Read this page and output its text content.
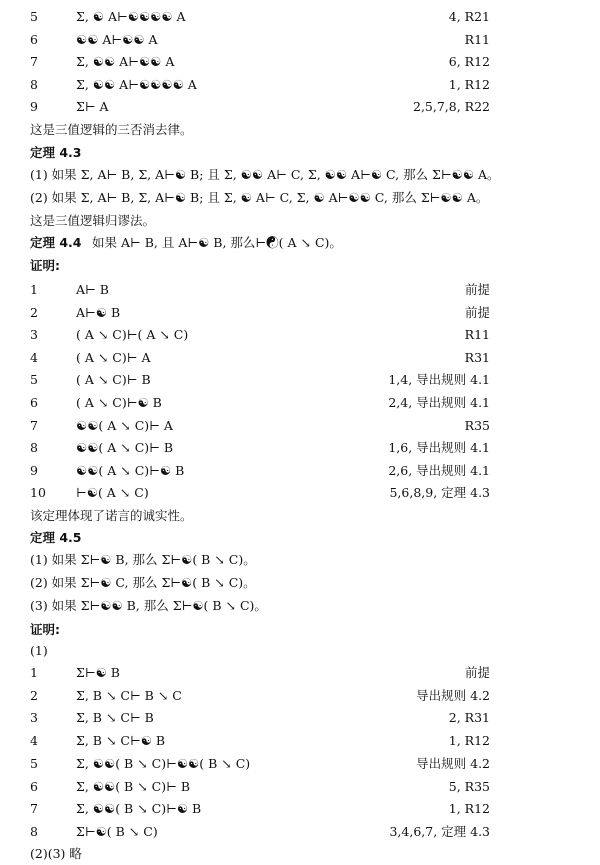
5	Σ, ☯ A⊢☯☯☯☯ A	4, R21
6	☯☯ A⊢☯☯ A	R11
7	Σ, ☯☯ A⊢☯☯ A	6, R12
8	Σ, ☯☯ A⊢☯☯☯☯ A	1, R12
9	Σ⊢ A	2,5,7,8, R22
这是三值逻辑的三否消去律。
定理 4.3
(1) 如果 Σ, A⊢ B, Σ, A⊢☯ B; 且 Σ, ☯☯ A⊢ C, Σ, ☯☯ A⊢☯ C, 那么 Σ⊢☯☯ A。
(2) 如果 Σ, A⊢ B, Σ, A⊢☯ B; 且 Σ, ☯ A⊢ C, Σ, ☯ A⊢☯☯ C, 那么 Σ⊢☯☯ A。
这是三值逻辑归谬法。
定理 4.4 如果 A⊢ B, 且 A⊢☯ B, 那么⊢☯( A ↘ C)。
证明:
1	A⊢ B	前提
2	A⊢☯ B	前提
3	( A ↘ C)⊢( A ↘ C)	R11
4	( A ↘ C)⊢ A	R31
5	( A ↘ C)⊢ B	1,4, 导出规则 4.1
6	( A ↘ C)⊢☯ B	2,4, 导出规则 4.1
7	☯☯( A ↘ C)⊢ A	R35
8	☯☯( A ↘ C)⊢ B	1,6, 导出规则 4.1
9	☯☯( A ↘ C)⊢☯ B	2,6, 导出规则 4.1
10 ⊢☯( A ↘ C)	5,6,8,9, 定理 4.3
该定理体现了诺言的诚实性。
定理 4.5
(1) 如果 Σ⊢☯ B, 那么 Σ⊢☯( B ↘ C)。
(2) 如果 Σ⊢☯ C, 那么 Σ⊢☯( B ↘ C)。
(3) 如果 Σ⊢☯☯ B, 那么 Σ⊢☯( B ↘ C)。
证明:
(1)
1	Σ⊢☯ B	前提
2	Σ, B ↘ C⊢ B ↘ C	导出规则 4.2
3	Σ, B ↘ C⊢ B	2, R31
4	Σ, B ↘ C⊢☯ B	1, R12
5	Σ, ☯☯( B ↘ C)⊢☯☯( B ↘ C)	导出规则 4.2
6	Σ, ☯☯( B ↘ C)⊢ B	5, R35
7	Σ, ☯☯( B ↘ C)⊢☯ B	1, R12
8	Σ⊢☯( B ↘ C)	3,4,6,7, 定理 4.3
(2)(3) 略
